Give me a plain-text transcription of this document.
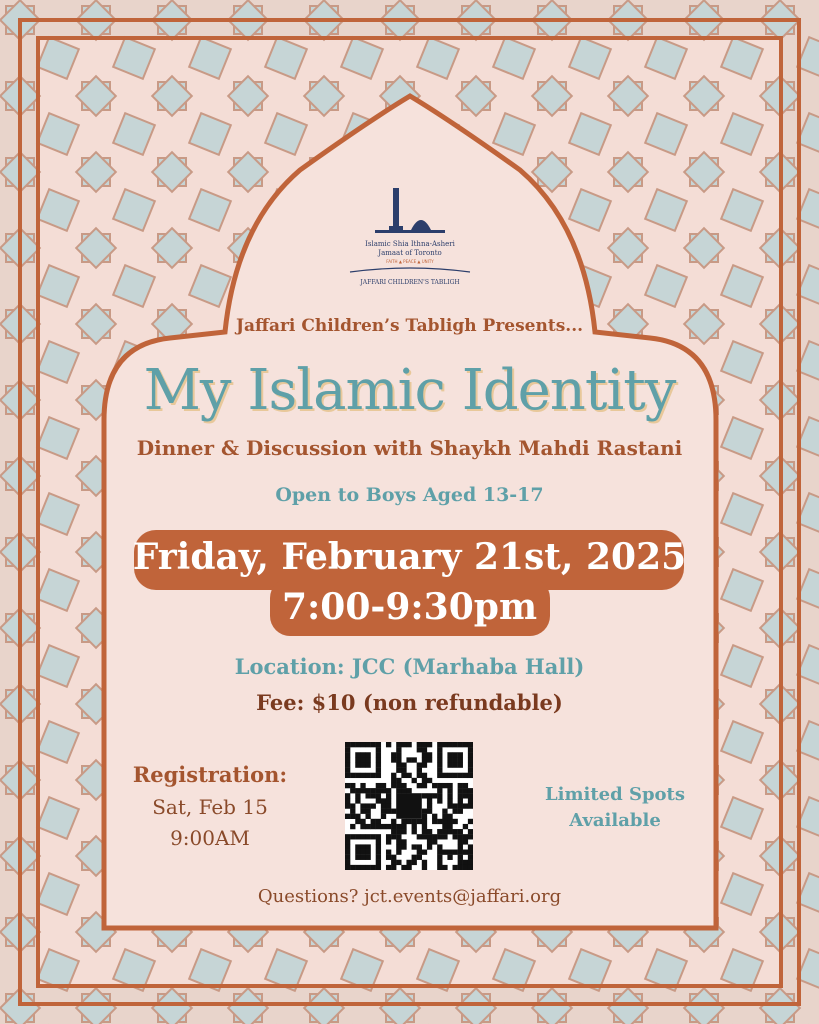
Islamic Shia Ithna-Asheri
Jamaat of Toronto
FAITH ▲ PEACE ▲ UNITY
JAFFARI CHILDREN'S TABLIGH

Jaffari Children’s Tabligh Presents...

My Islamic Identity

Dinner & Discussion with Shaykh Mahdi Rastani

Open to Boys Aged 13-17

Friday, February 21st, 2025

7:00-9:30pm

Location: JCC (Marhaba Hall)

Fee: $10 (non refundable)

Registration:

Sat, Feb 15

9:00AM

Limited Spots

Available

Questions? jct.events@jaffari.org
